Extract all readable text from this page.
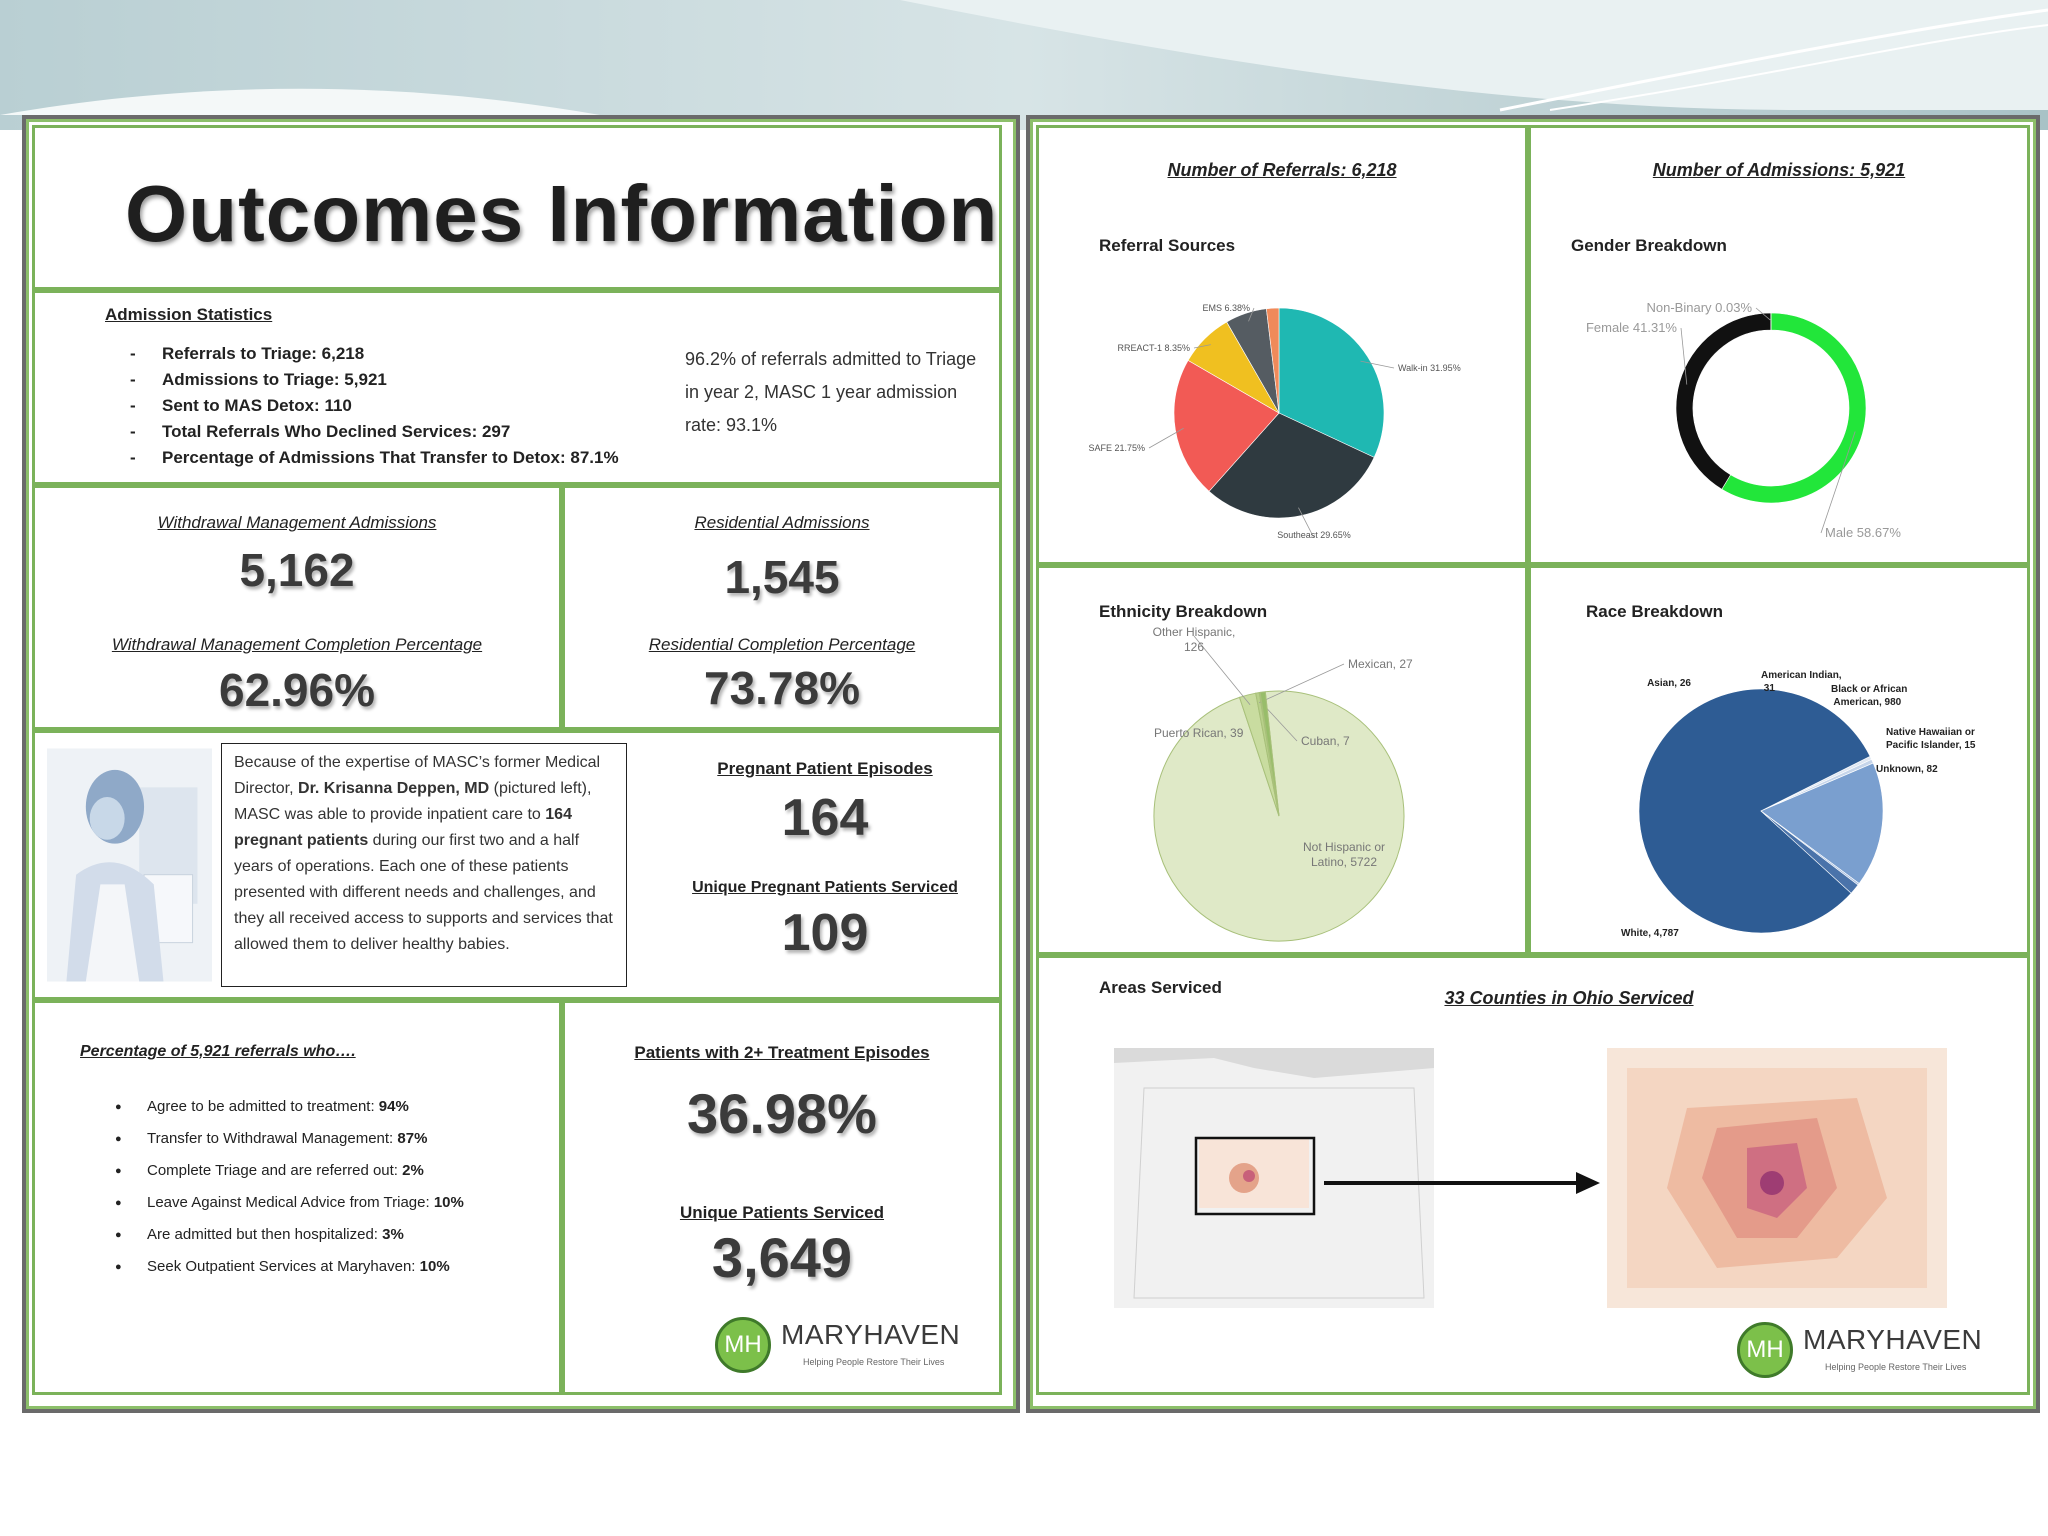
Outcomes Information
Admission Statistics
- Referrals to Triage: 6,218
- Admissions to Triage: 5,921
- Sent to MAS Detox: 110
- Total Referrals Who Declined Services: 297
- Percentage of Admissions That Transfer to Detox: 87.1%
96.2% of referrals admitted to Triage in year 2, MASC 1 year admission rate: 93.1%
Withdrawal Management Admissions
5,162
Withdrawal Management Completion Percentage
62.96%
Residential Admissions
1,545
Residential Completion Percentage
73.78%
Because of the expertise of MASC’s former Medical Director, Dr. Krisanna Deppen, MD (pictured left), MASC was able to provide inpatient care to 164 pregnant patients during our first two and a half years of operations. Each one of these patients presented with different needs and challenges, and they all received access to supports and services that allowed them to deliver healthy babies.
Pregnant Patient Episodes
164
Unique Pregnant Patients Serviced
109
Percentage of 5,921 referrals who….
● Agree to be admitted to treatment: 94%
● Transfer to Withdrawal Management: 87%
● Complete Triage and are referred out: 2%
● Leave Against Medical Advice from Triage: 10%
● Are admitted but then hospitalized: 3%
● Seek Outpatient Services at Maryhaven: 10%
Patients with 2+ Treatment Episodes
36.98%
Unique Patients Serviced
3,649
MH MARYHAVEN
Helping People Restore Their Lives
Number of Referrals: 6,218
Referral Sources
Walk-in 31.95%
Southeast 29.65%
SAFE 21.75%
RREACT-1 8.35%
EMS 6.38%
Number of Admissions: 5,921
Gender Breakdown
Male 58.67%
Female 41.31%
Non-Binary 0.03%
Ethnicity Breakdown
Not Hispanic or Latino, 5722
Other Hispanic, 126
Mexican, 27
Cuban, 7
Puerto Rican, 39
Race Breakdown
White, 4,787
Asian, 26
American Indian, 31	Black or African American, 980
Native Hawaiian or Pacific Islander, 15
Unknown, 82
Areas Serviced
33 Counties in Ohio Serviced
MH MARYHAVEN
Helping People Restore Their Lives
